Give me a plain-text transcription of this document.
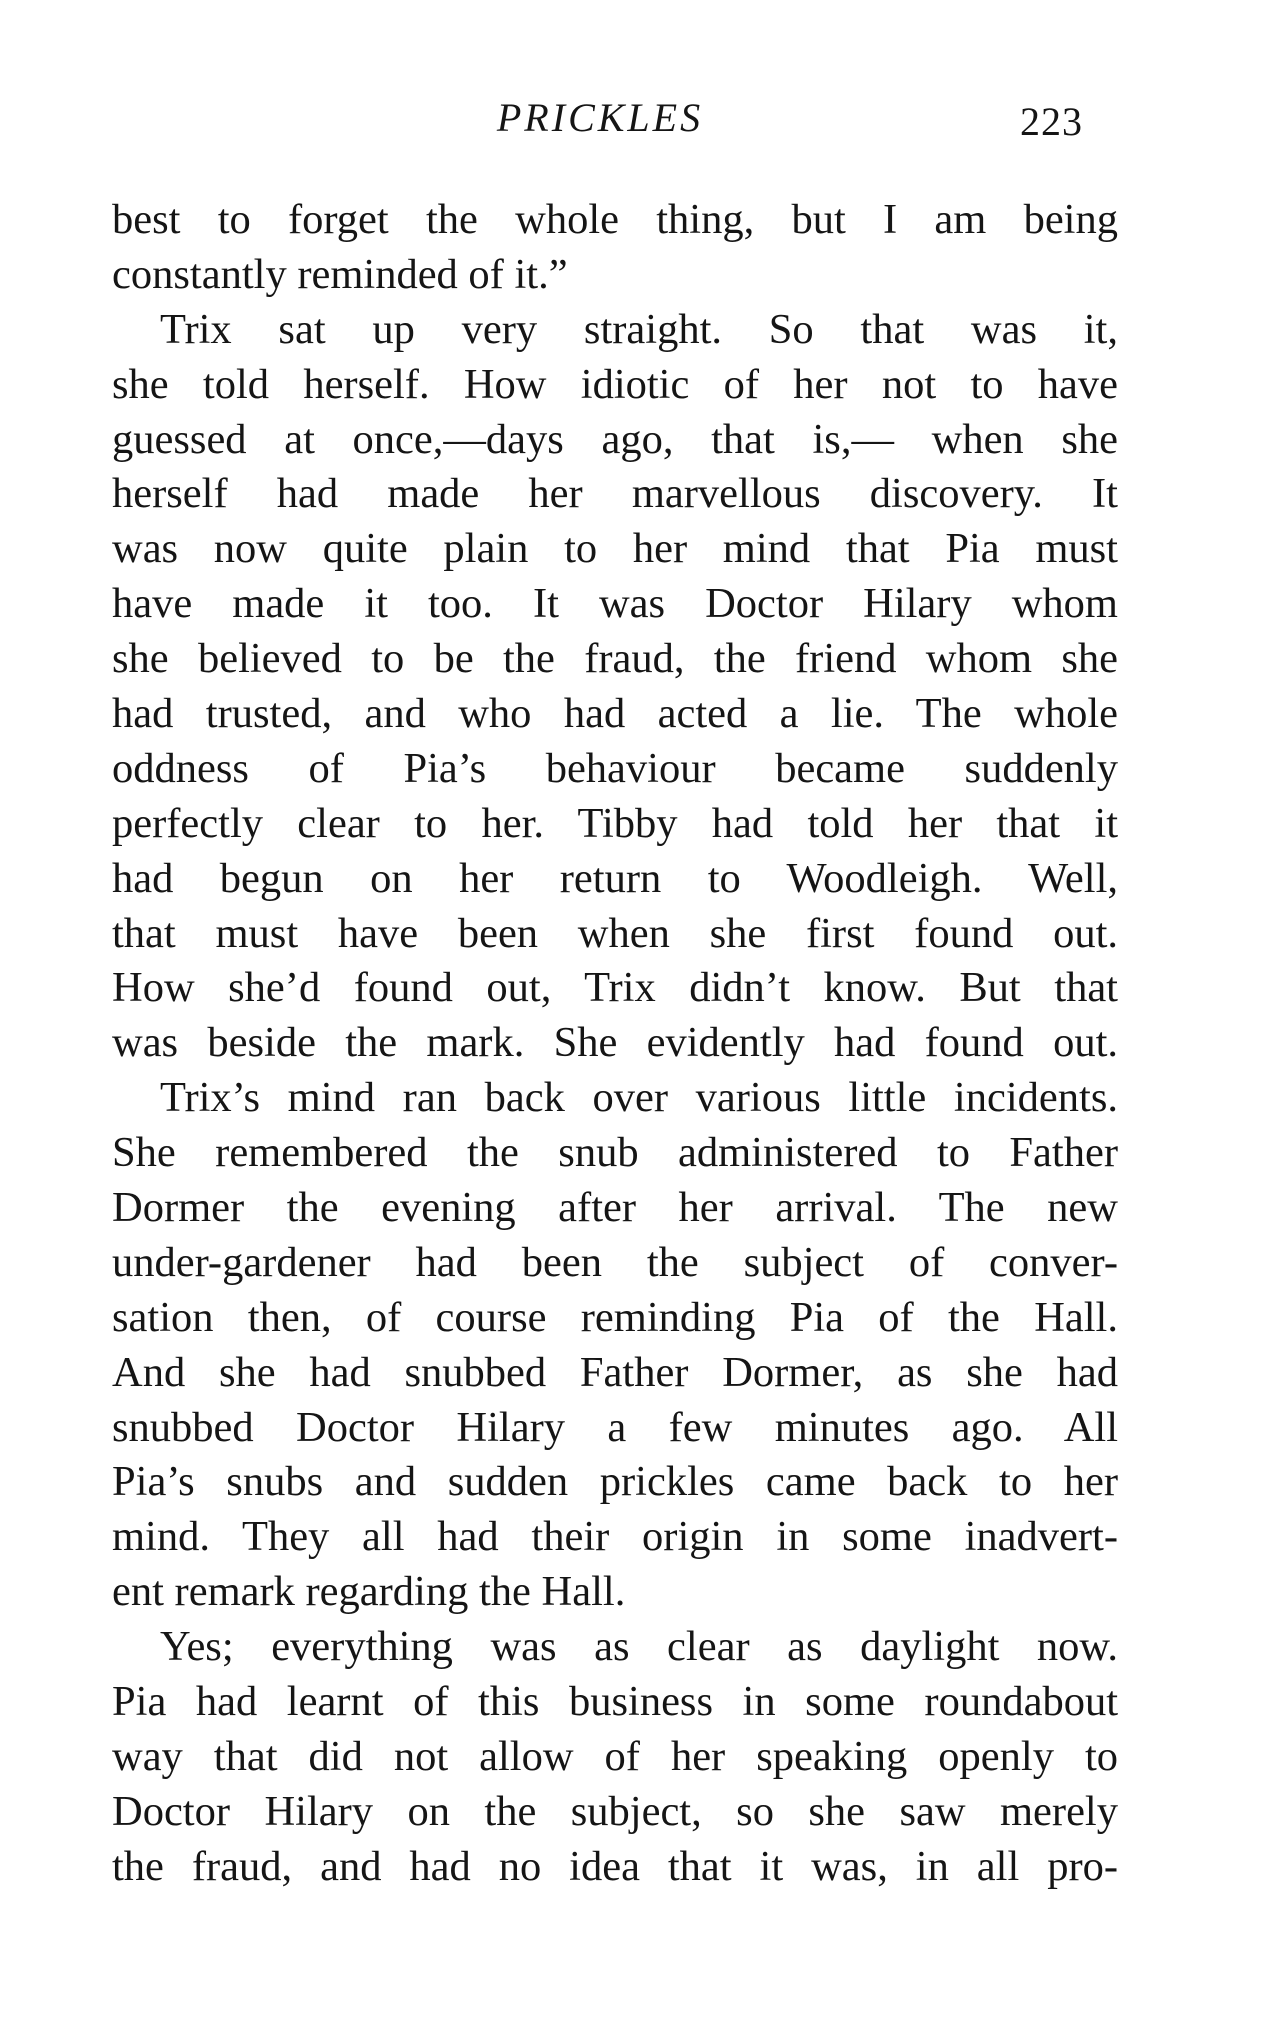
PRICKLES	223
best to forget the whole thing, but I am being
constantly reminded of it.”
Trix sat up very straight. So that was it,
she told herself. How idiotic of her not to have
guessed at once,—days ago, that is,— when she
herself had made her marvellous discovery. It
was now quite plain to her mind that Pia must
have made it too. It was Doctor Hilary whom
she believed to be the fraud, the friend whom she
had trusted, and who had acted a lie. The whole
oddness of Pia’s behaviour became suddenly
perfectly clear to her. Tibby had told her that it
had begun on her return to Woodleigh. Well,
that must have been when she first found out.
How she’d found out, Trix didn’t know. But that
was beside the mark. She evidently had found out.
Trix’s mind ran back over various little incidents.
She remembered the snub administered to Father
Dormer the evening after her arrival. The new
under-gardener had been the subject of conver-
sation then, of course reminding Pia of the Hall.
And she had snubbed Father Dormer, as she had
snubbed Doctor Hilary a few minutes ago. All
Pia’s snubs and sudden prickles came back to her
mind. They all had their origin in some inadvert-
ent remark regarding the Hall.
Yes; everything was as clear as daylight now.
Pia had learnt of this business in some roundabout
way that did not allow of her speaking openly to
Doctor Hilary on the subject, so she saw merely
the fraud, and had no idea that it was, in all pro-
